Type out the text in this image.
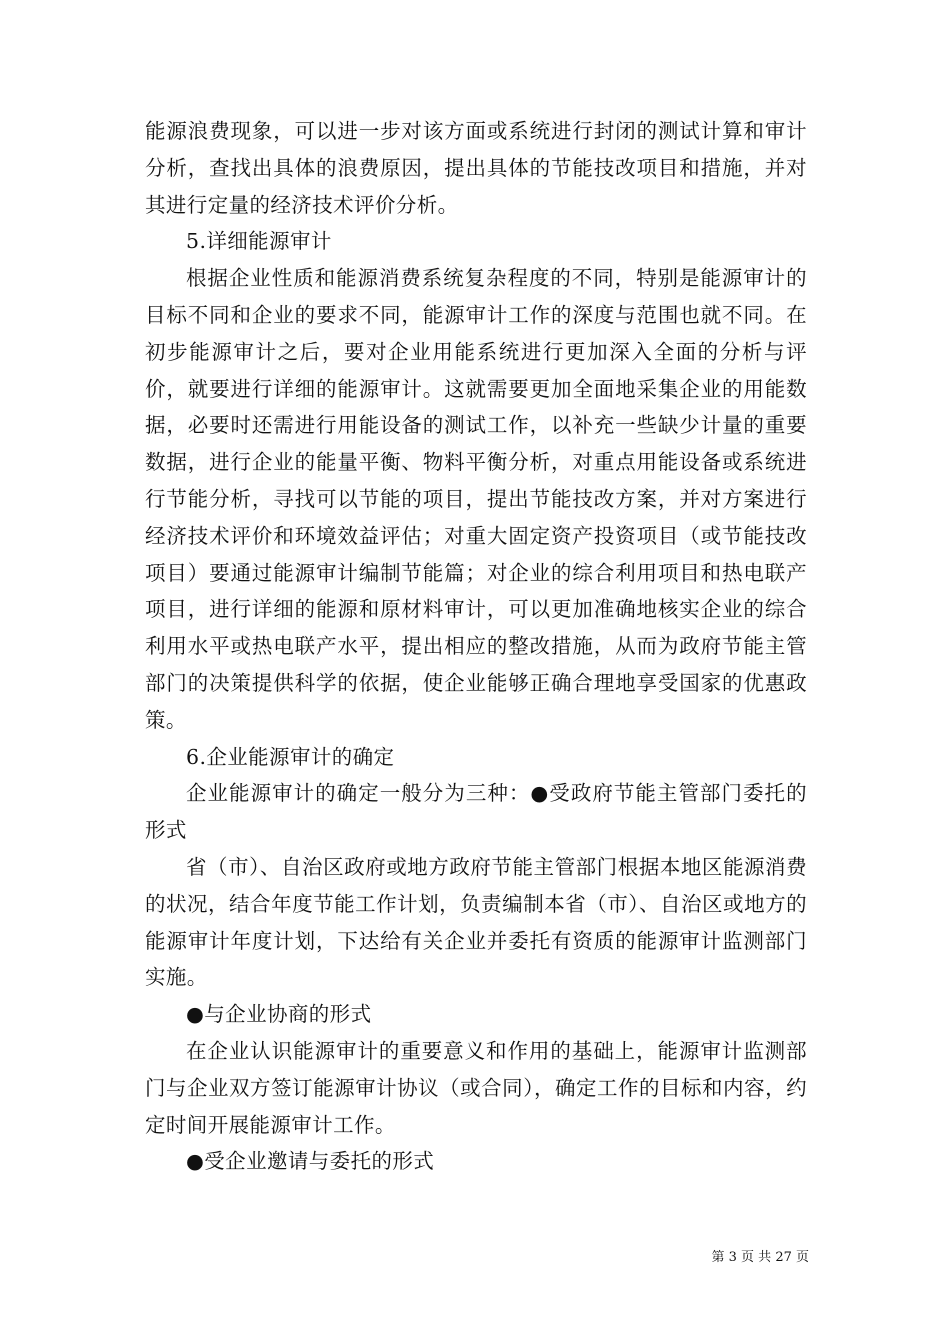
能源浪费现象，可以进一步对该方面或系统进行封闭的测试计算和审计分析，查找出具体的浪费原因，提出具体的节能技改项目和措施，并对其进行定量的经济技术评价分析。

5.详细能源审计

根据企业性质和能源消费系统复杂程度的不同，特别是能源审计的目标不同和企业的要求不同，能源审计工作的深度与范围也就不同。在初步能源审计之后，要对企业用能系统进行更加深入全面的分析与评价，就要进行详细的能源审计。这就需要更加全面地采集企业的用能数据，必要时还需进行用能设备的测试工作，以补充一些缺少计量的重要数据，进行企业的能量平衡、物料平衡分析，对重点用能设备或系统进行节能分析，寻找可以节能的项目，提出节能技改方案，并对方案进行经济技术评价和环境效益评估；对重大固定资产投资项目（或节能技改项目）要通过能源审计编制节能篇；对企业的综合利用项目和热电联产项目，进行详细的能源和原材料审计，可以更加准确地核实企业的综合利用水平或热电联产水平，提出相应的整改措施，从而为政府节能主管部门的决策提供科学的依据，使企业能够正确合理地享受国家的优惠政策。

6.企业能源审计的确定

企业能源审计的确定一般分为三种：●受政府节能主管部门委托的形式

省（市）、自治区政府或地方政府节能主管部门根据本地区能源消费的状况，结合年度节能工作计划，负责编制本省（市）、自治区或地方的能源审计年度计划，下达给有关企业并委托有资质的能源审计监测部门实施。

●与企业协商的形式

在企业认识能源审计的重要意义和作用的基础上，能源审计监测部门与企业双方签订能源审计协议（或合同），确定工作的目标和内容，约定时间开展能源审计工作。

●受企业邀请与委托的形式

第 3 页 共 27 页
